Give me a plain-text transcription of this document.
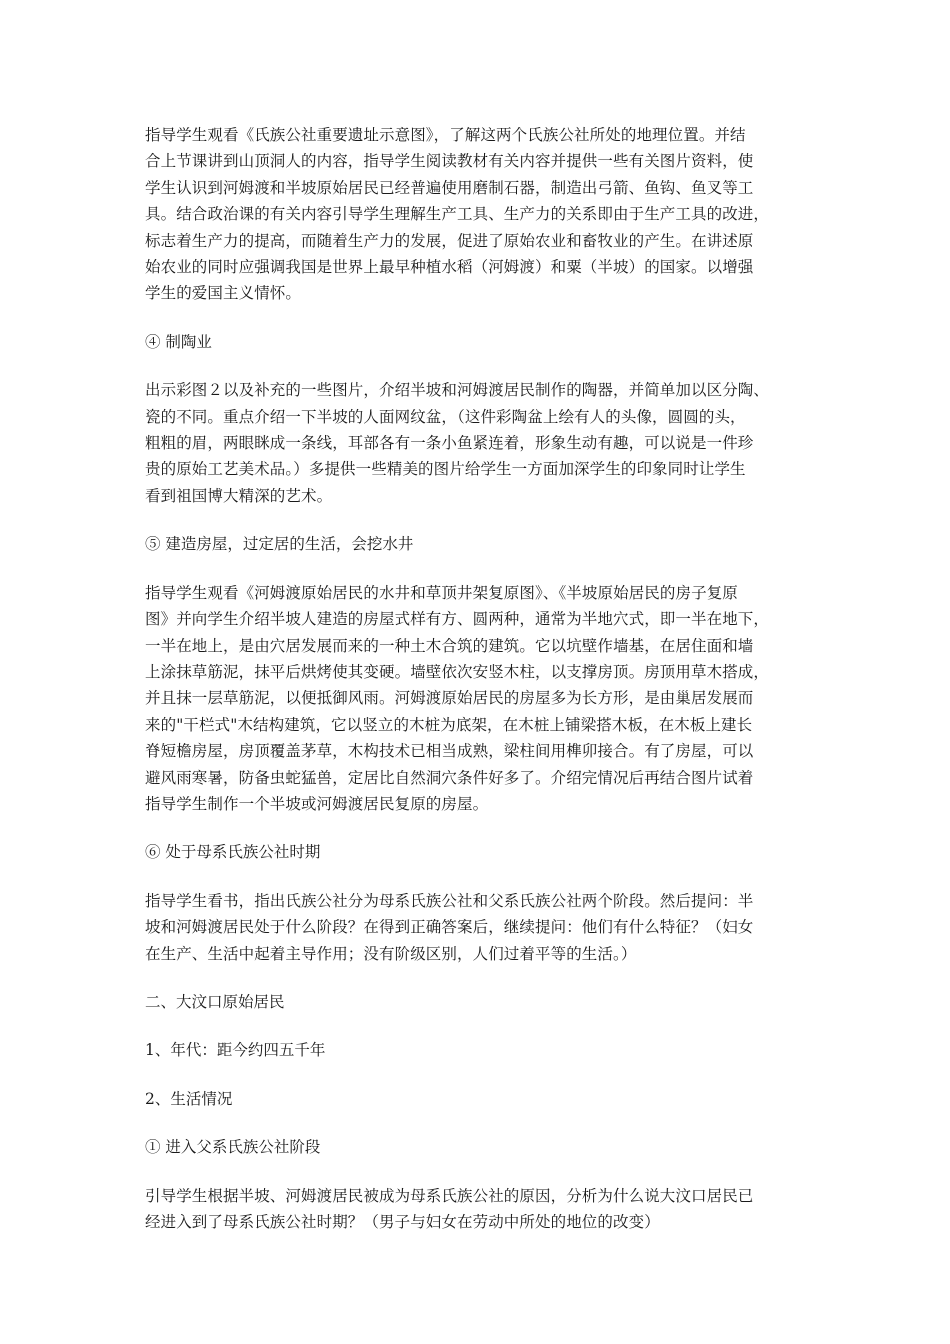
指导学生观看《氏族公社重要遗址示意图》，了解这两个氏族公社所处的地理位置。并结
合上节课讲到山顶洞人的内容，指导学生阅读教材有关内容并提供一些有关图片资料，使
学生认识到河姆渡和半坡原始居民已经普遍使用磨制石器，制造出弓箭、鱼钩、鱼叉等工
具。结合政治课的有关内容引导学生理解生产工具、生产力的关系即由于生产工具的改进，
标志着生产力的提高，而随着生产力的发展，促进了原始农业和畜牧业的产生。在讲述原
始农业的同时应强调我国是世界上最早种植水稻（河姆渡）和粟（半坡）的国家。以增强
学生的爱国主义情怀。
④ 制陶业
出示彩图２以及补充的一些图片，介绍半坡和河姆渡居民制作的陶器，并简单加以区分陶、
瓷的不同。重点介绍一下半坡的人面网纹盆，（这件彩陶盆上绘有人的头像，圆圆的头，
粗粗的眉，两眼眯成一条线，耳部各有一条小鱼紧连着，形象生动有趣，可以说是一件珍
贵的原始工艺美术品。）多提供一些精美的图片给学生一方面加深学生的印象同时让学生
看到祖国博大精深的艺术。
⑤ 建造房屋，过定居的生活，会挖水井
指导学生观看《河姆渡原始居民的水井和草顶井架复原图》、《半坡原始居民的房子复原
图》并向学生介绍半坡人建造的房屋式样有方、圆两种，通常为半地穴式，即一半在地下，
一半在地上，是由穴居发展而来的一种土木合筑的建筑。它以坑壁作墙基，在居住面和墙
上涂抹草筋泥，抹平后烘烤使其变硬。墙壁依次安竖木柱，以支撑房顶。房顶用草木搭成，
并且抹一层草筋泥，以便抵御风雨。河姆渡原始居民的房屋多为长方形，是由巢居发展而
来的"干栏式"木结构建筑，它以竖立的木桩为底架，在木桩上铺梁搭木板，在木板上建长
脊短檐房屋，房顶覆盖茅草，木构技术已相当成熟，梁柱间用榫卯接合。有了房屋，可以
避风雨寒暑，防备虫蛇猛兽，定居比自然洞穴条件好多了。介绍完情况后再结合图片试着
指导学生制作一个半坡或河姆渡居民复原的房屋。
⑥ 处于母系氏族公社时期
指导学生看书，指出氏族公社分为母系氏族公社和父系氏族公社两个阶段。然后提问：半
坡和河姆渡居民处于什么阶段？在得到正确答案后，继续提问：他们有什么特征？（妇女
在生产、生活中起着主导作用；没有阶级区别，人们过着平等的生活。）
二、大汶口原始居民
1、年代：距今约四五千年
2、生活情况
① 进入父系氏族公社阶段
引导学生根据半坡、河姆渡居民被成为母系氏族公社的原因，分析为什么说大汶口居民已
经进入到了母系氏族公社时期？（男子与妇女在劳动中所处的地位的改变）
